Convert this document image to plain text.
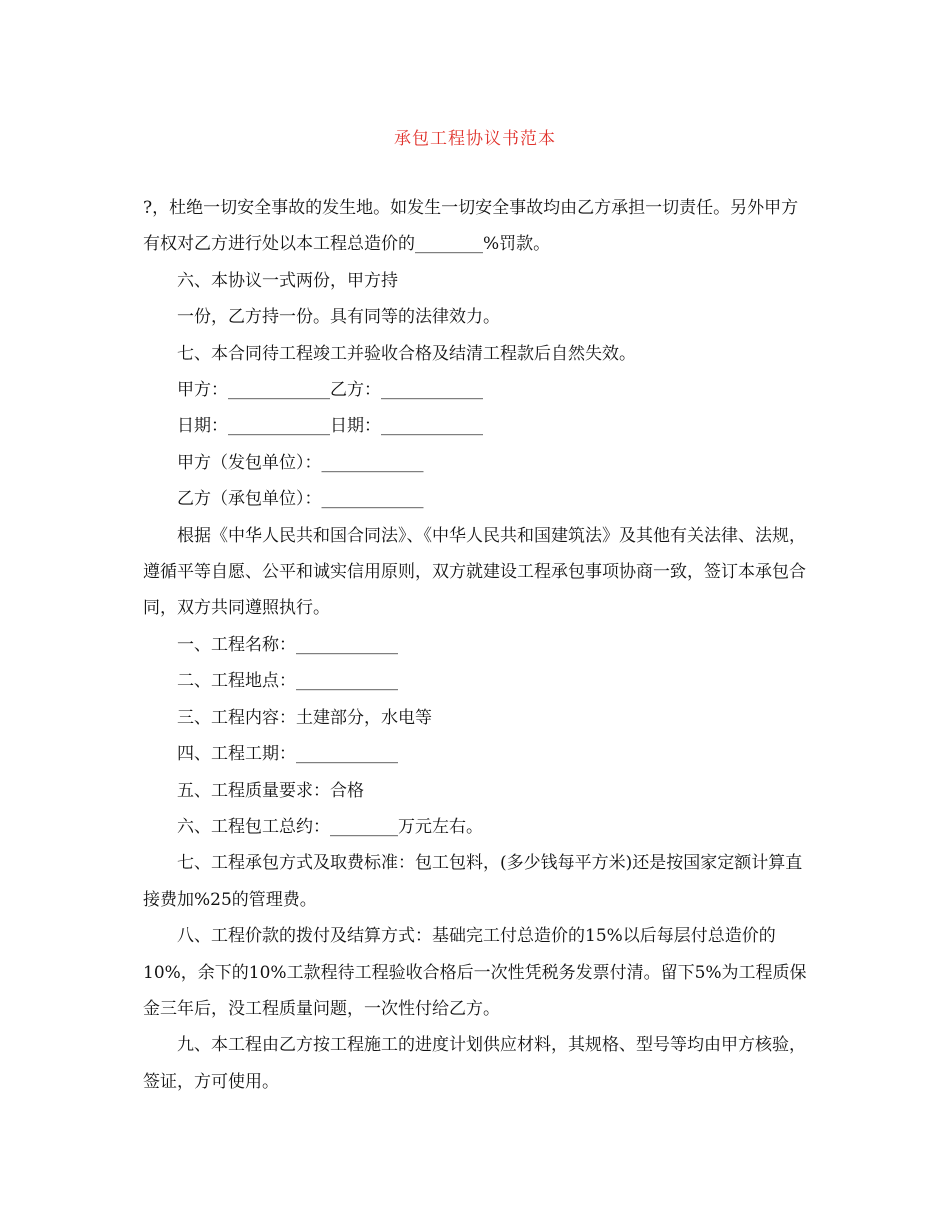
承包工程协议书范本

?，杜绝一切安全事故的发生地。如发生一切安全事故均由乙方承担一切责任。另外甲方有权对乙方进行处以本工程总造价的________%罚款。

六、本协议一式两份，甲方持

一份，乙方持一份。具有同等的法律效力。

七、本合同待工程竣工并验收合格及结清工程款后自然失效。

甲方：____________乙方：____________

日期：____________日期：____________

甲方（发包单位）：____________

乙方（承包单位）：____________

根据《中华人民共和国合同法》、《中华人民共和国建筑法》及其他有关法律、法规，遵循平等自愿、公平和诚实信用原则，双方就建设工程承包事项协商一致，签订本承包合同，双方共同遵照执行。

一、工程名称：____________

二、工程地点：____________

三、工程内容：土建部分，水电等

四、工程工期：____________

五、工程质量要求：合格

六、工程包工总约：________万元左右。

七、工程承包方式及取费标准：包工包料，(多少钱每平方米)还是按国家定额计算直接费加%25的管理费。

八、工程价款的拨付及结算方式：基础完工付总造价的15%以后每层付总造价的10%，余下的10%工款程待工程验收合格后一次性凭税务发票付清。留下5%为工程质保金三年后，没工程质量问题，一次性付给乙方。

九、本工程由乙方按工程施工的进度计划供应材料，其规格、型号等均由甲方核验，签证，方可使用。
